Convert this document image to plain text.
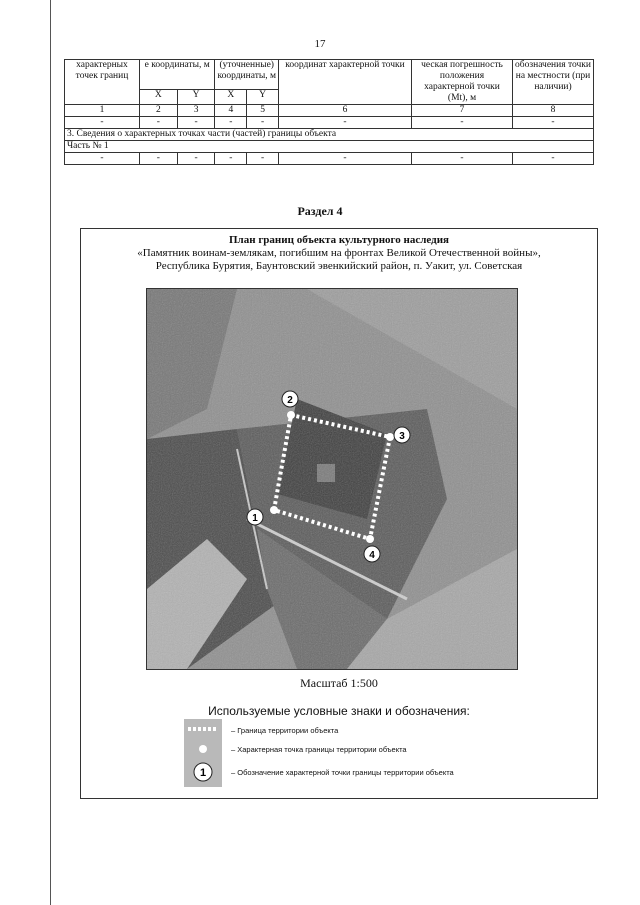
17
характерных точек границ	е координаты, м		(уточненные) координаты, м		координат характерной точки	ческая погрешность положения характерной точки (Mt), м	обозначения точки на местности (при наличии)
	X	Y	X	Y			
1	2	3	4	5	6	7	8
-	-	-	-	-	-	-	-
3. Сведения о характерных точках части (частей) границы объекта							
Часть № 1							
-	-	-	-	-	-	-	-
Раздел 4
План границ объекта культурного наследия
«Памятник воинам-землякам, погибшим на фронтах Великой Отечественной войны»,
Республика Бурятия, Баунтовский эвенкийский район, п. Уакит, ул. Советская
1
2
3
4
Масштаб 1:500
Используемые условные знаки и обозначения:
1
– Граница территории объекта
– Характерная точка границы территории объекта
– Обозначение характерной точки границы территории объекта
